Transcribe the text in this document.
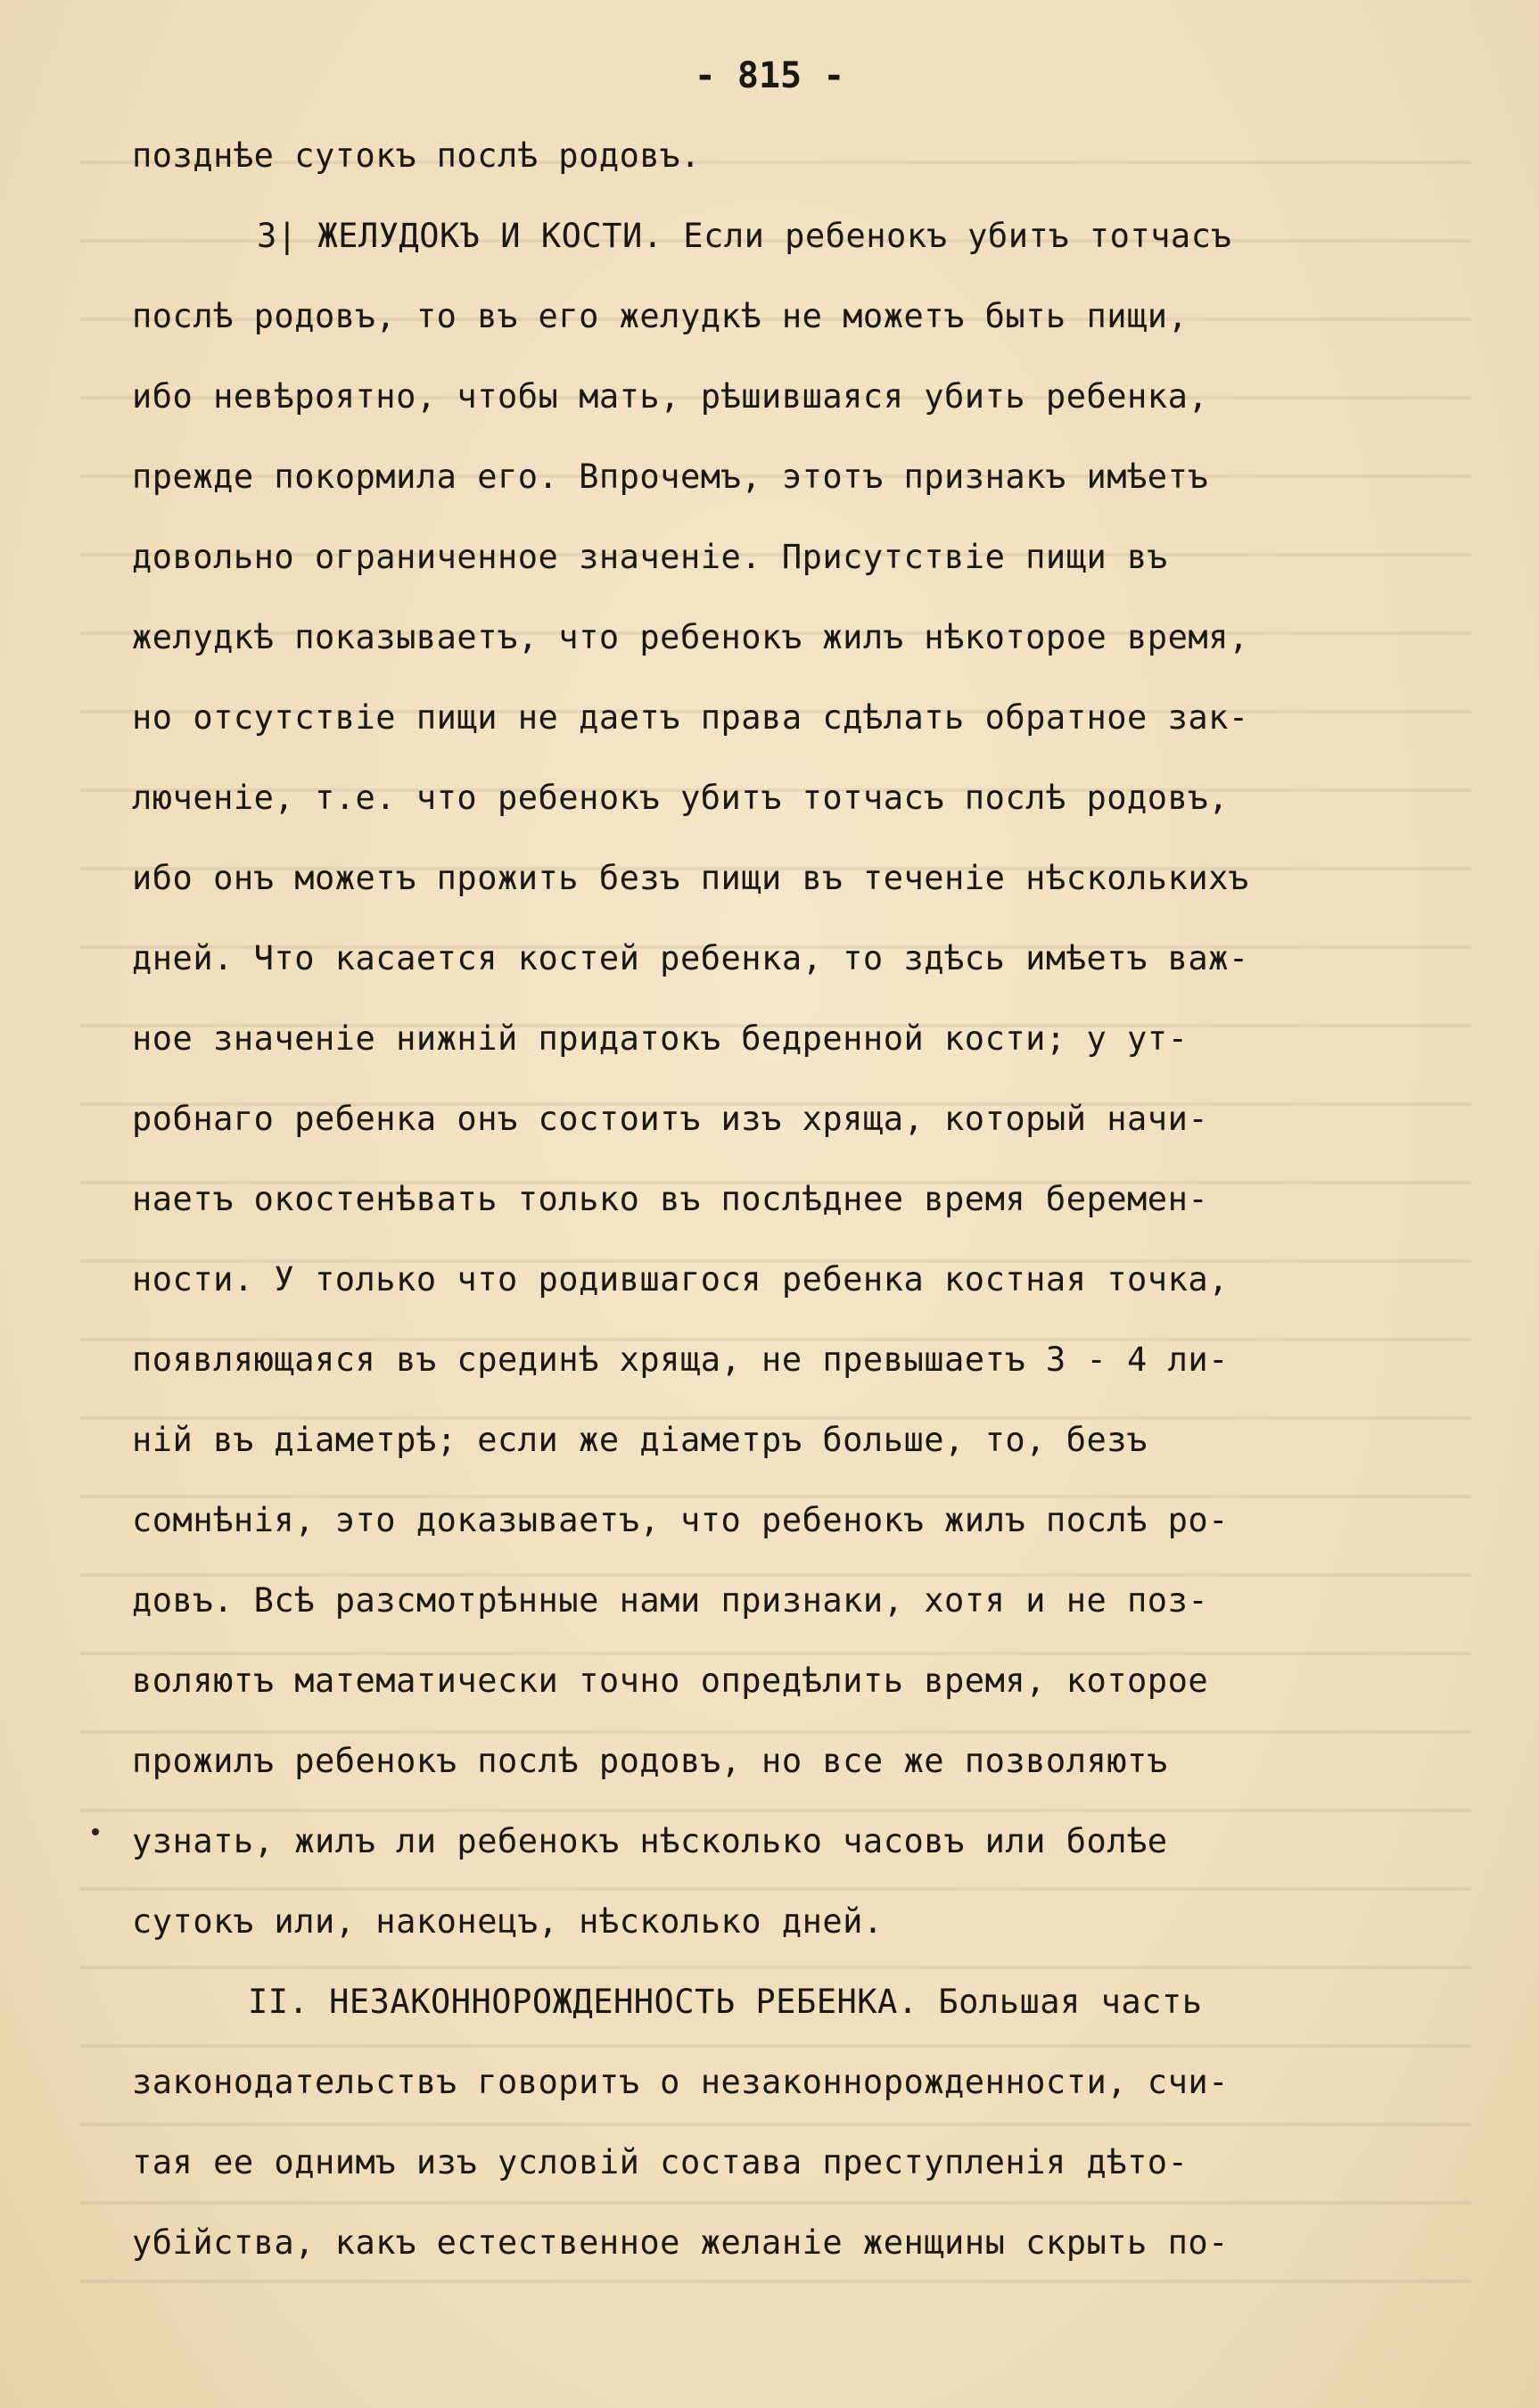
- 815 -
позднѣе сутокъ послѣ родовъ.
3| ЖЕЛУДОКЪ И КОСТИ. Если ребенокъ убитъ тотчасъ
послѣ родовъ, то въ его желудкѣ не можетъ быть пищи,
ибо невѣроятно, чтобы мать, рѣшившаяся убить ребенка,
прежде покормила его. Впрочемъ, этотъ признакъ имѣетъ
довольно ограниченное значеніе. Присутствіе пищи въ
желудкѣ показываетъ, что ребенокъ жилъ нѣкоторое время,
но отсутствіе пищи не даетъ права сдѣлать обратное зак-
люченіе, т.е. что ребенокъ убитъ тотчасъ послѣ родовъ,
ибо онъ можетъ прожить безъ пищи въ теченіе нѣсколькихъ
дней. Что касается костей ребенка, то здѣсь имѣетъ важ-
ное значеніе нижній придатокъ бедренной кости; у ут-
робнаго ребенка онъ состоитъ изъ хряща, который начи-
наетъ окостенѣвать только въ послѣднее время беремен-
ности. У только что родившагося ребенка костная точка,
появляющаяся въ срединѣ хряща, не превышаетъ 3 - 4 ли-
ній въ діаметрѣ; если же діаметръ больше, то, безъ
сомнѣнія, это доказываетъ, что ребенокъ жилъ послѣ ро-
довъ. Всѣ разсмотрѣнные нами признаки, хотя и не поз-
воляютъ математически точно опредѣлить время, которое
прожилъ ребенокъ послѣ родовъ, но все же позволяютъ
узнать, жилъ ли ребенокъ нѣсколько часовъ или болѣе
сутокъ или, наконецъ, нѣсколько дней.
II. НЕЗАКОННОРОЖДЕННОСТЬ РЕБЕНКА. Большая часть
законодательствъ говоритъ о незаконнорожденности, счи-
тая ее однимъ изъ условій состава преступленія дѣто-
убійства, какъ естественное желаніе женщины скрыть по-
